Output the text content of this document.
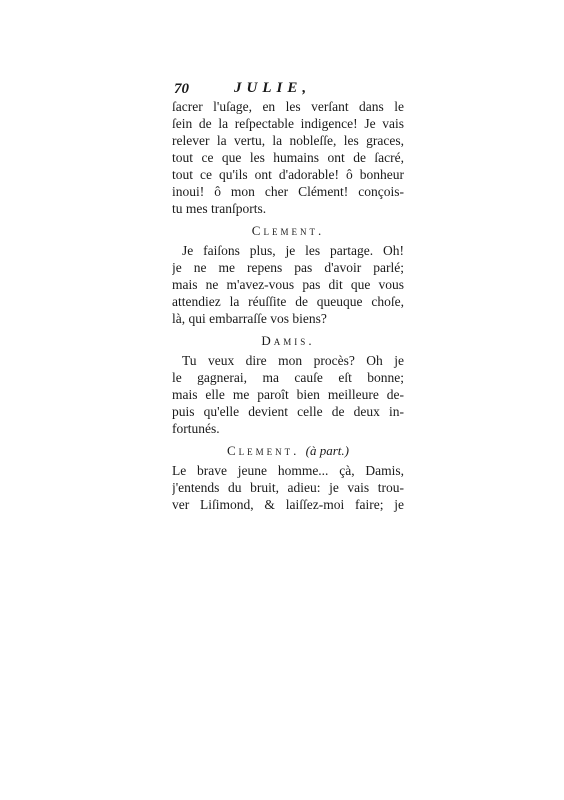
70	JULIE,
ſacrer l'uſage, en les verſant dans le
ſein de la reſpectable indigence! Je vais
relever la vertu, la nobleſſe, les graces,
tout ce que les humains ont de ſacré,
tout ce qu'ils ont d'adorable! ô bonheur
inoui! ô mon cher Clément! conçois-
tu mes tranſports.
Clement.
Je faiſons plus, je les partage. Oh!
je ne me repens pas d'avoir parlé;
mais ne m'avez-vous pas dit que vous
attendiez la réuſſite de queuque choſe,
là, qui embarraſſe vos biens?
Damis.
Tu veux dire mon procès? Oh je
le gagnerai, ma cauſe eſt bonne;
mais elle me paroît bien meilleure de-
puis qu'elle devient celle de deux in-
fortunés.
Clement. (à part.)
Le brave jeune homme... çà, Damis,
j'entends du bruit, adieu: je vais trou-
ver Liſimond, & laiſſez-moi faire; je
